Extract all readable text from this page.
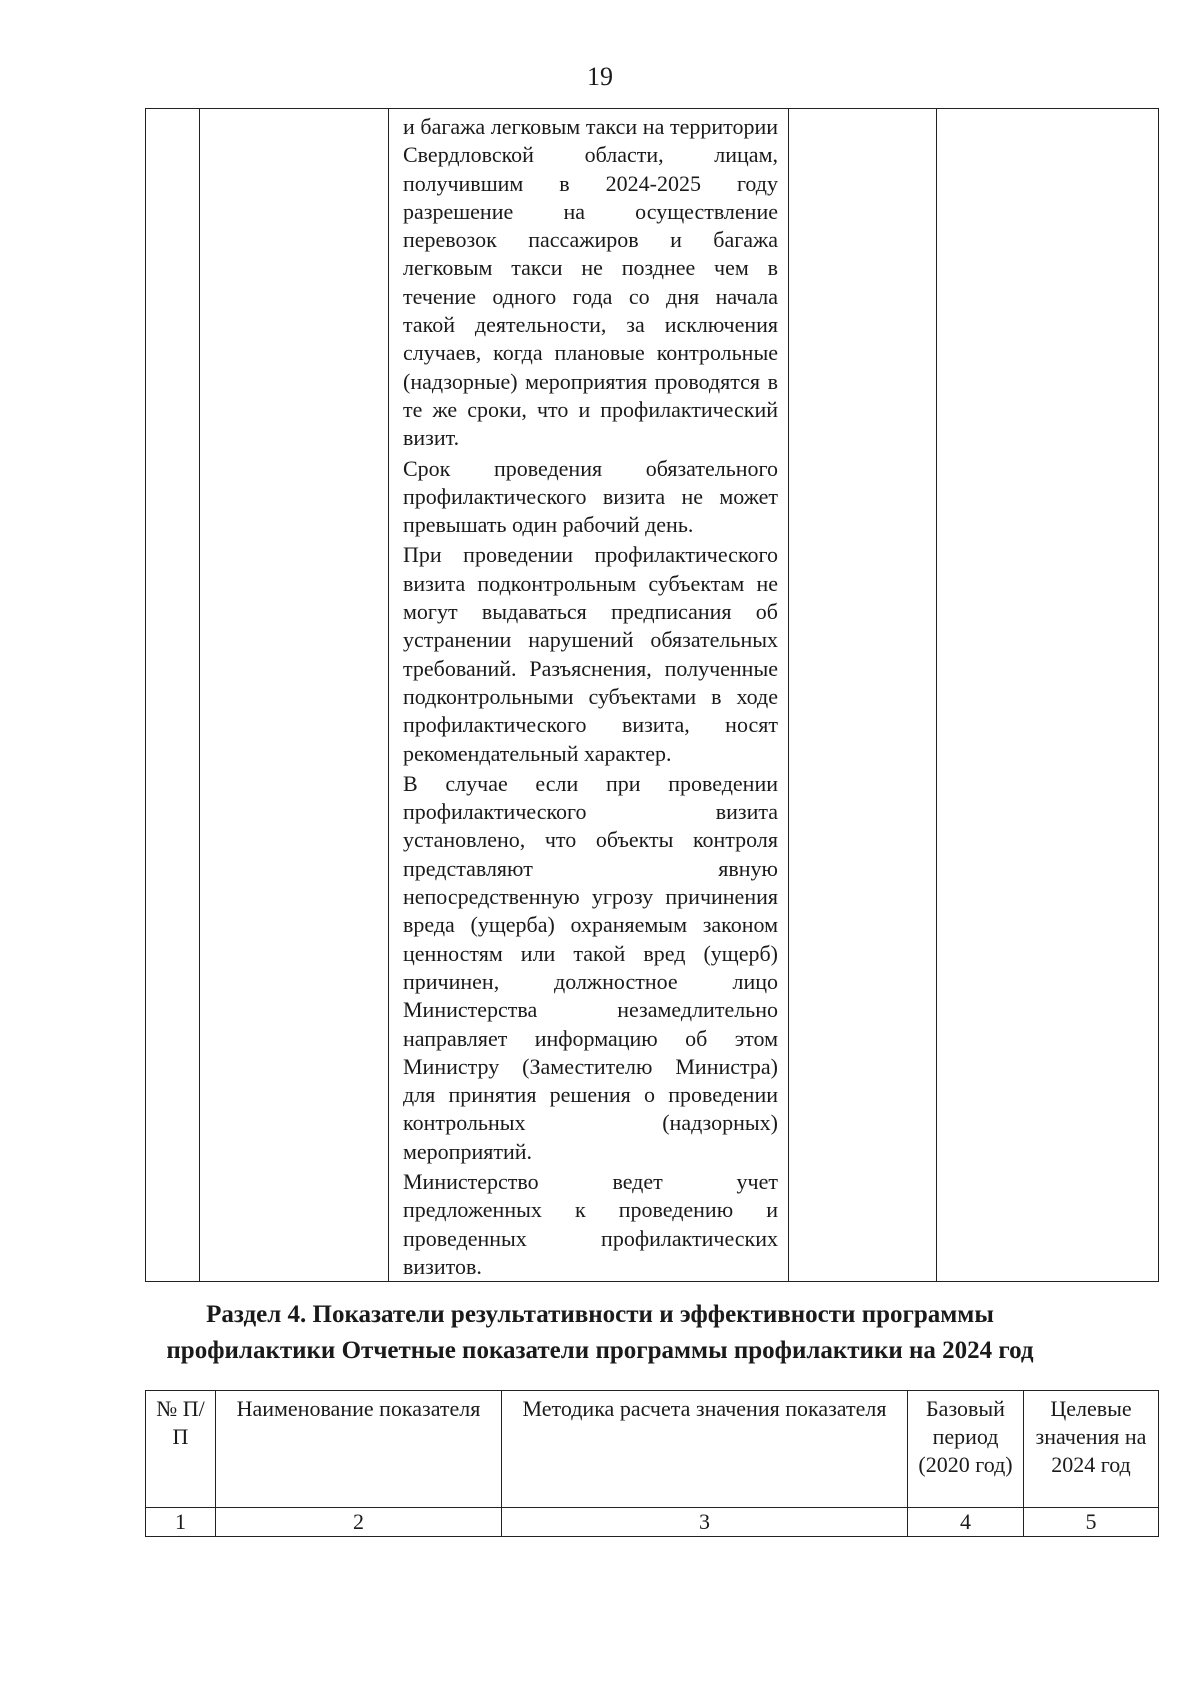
19

и багажа легковым такси на территории Свердловской области, лицам, получившим в 2024-2025 году разрешение на осуществление перевозок пассажиров и багажа легковым такси не позднее чем в течение одного года со дня начала такой деятельности, за исключения случаев, когда плановые контрольные (надзорные) мероприятия проводятся в те же сроки, что и профилактический визит.

Срок проведения обязательного профилактического визита не может превышать один рабочий день.

При проведении профилактического визита подконтрольным субъектам не могут выдаваться предписания об устранении нарушений обязательных требований. Разъяснения, полученные подконтрольными субъектами в ходе профилактического визита, носят рекомендательный характер.

В случае если при проведении профилактического визита установлено, что объекты контроля представляют явную непосредственную угрозу причинения вреда (ущерба) охраняемым законом ценностям или такой вред (ущерб) причинен, должностное лицо Министерства незамедлительно направляет информацию об этом Министру (Заместителю Министра) для принятия решения о проведении контрольных (надзорных) мероприятий.

Министерство ведет учет предложенных к проведению и проведенных профилактических визитов.

Раздел 4. Показатели результативности и эффективности программы
профилактики Отчетные показатели программы профилактики на 2024 год
№ П/П	Наименование показателя	Методика расчета значения показателя	Базовый период (2020 год)	Целевые значения на 2024 год
1	2	3	4	5
